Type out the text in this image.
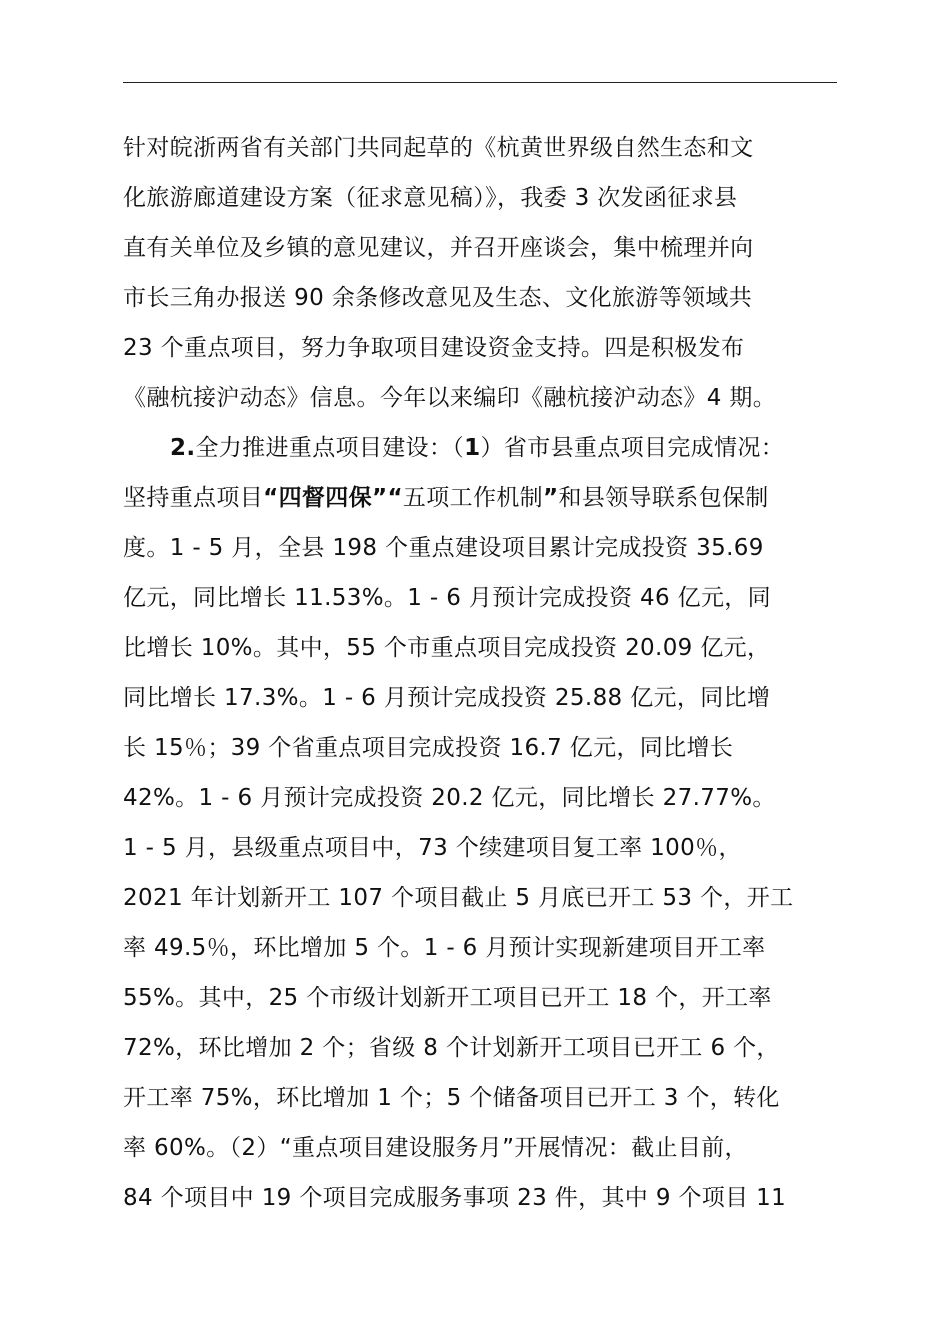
针对皖浙两省有关部门共同起草的《杭黄世界级自然生态和文
化旅游廊道建设方案（征求意见稿）》，我委 3 次发函征求县
直有关单位及乡镇的意见建议，并召开座谈会，集中梳理并向
市长三角办报送 90 余条修改意见及生态、文化旅游等领域共
23 个重点项目，努力争取项目建设资金支持。四是积极发布
《融杭接沪动态》信息。今年以来编印《融杭接沪动态》4 期。
2.全力推进重点项目建设：（1）省市县重点项目完成情况：
坚持重点项目“四督四保”“五项工作机制”和县领导联系包保制
度。1 - 5 月，全县 198 个重点建设项目累计完成投资 35.69
亿元，同比增长 11.53%。1 - 6 月预计完成投资 46 亿元，同
比增长 10%。其中，55 个市重点项目完成投资 20.09 亿元，
同比增长 17.3%。1 - 6 月预计完成投资 25.88 亿元，同比增
长 15％；39 个省重点项目完成投资 16.7 亿元，同比增长
42%。1 - 6 月预计完成投资 20.2 亿元，同比增长 27.77%。
1 - 5 月，县级重点项目中，73 个续建项目复工率 100％，
2021 年计划新开工 107 个项目截止 5 月底已开工 53 个，开工
率 49.5％，环比增加 5 个。1 - 6 月预计实现新建项目开工率
55%。其中，25 个市级计划新开工项目已开工 18 个，开工率
72%，环比增加 2 个；省级 8 个计划新开工项目已开工 6 个，
开工率 75%，环比增加 1 个；5 个储备项目已开工 3 个，转化
率 60%。（2）“重点项目建设服务月”开展情况：截止目前，
84 个项目中 19 个项目完成服务事项 23 件，其中 9 个项目 11
